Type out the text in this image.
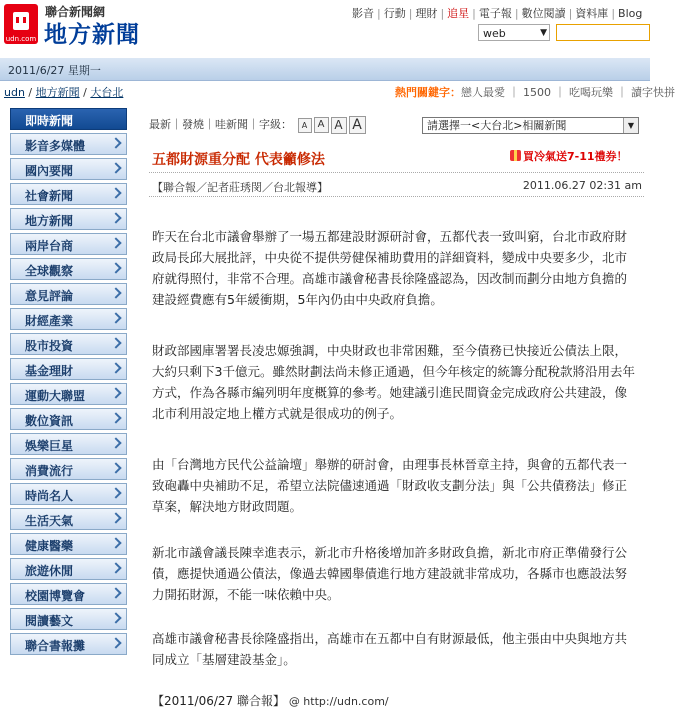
udn.com
聯合新聞網
地方新聞
影音 | 行動 | 理財 | 追星 | 電子報 | 數位閱讀 | 資料庫 | Blog
web	▼
2011/6/27 星期一
udn / 地方新聞 / 大台北	熱門關鍵字：戀人最愛 ｜ 1500 ｜ 吃喝玩樂 ｜ 讀字快拼
即時新聞
影音多媒體
國內要聞
社會新聞
地方新聞
兩岸台商
全球觀察
意見評論
財經產業
股市投資
基金理財
運動大聯盟
數位資訊
娛樂巨星
消費流行
時尚名人
生活天氣
健康醫藥
旅遊休閒
校園博覽會
閱讀藝文
聯合書報攤
最新｜發燒｜哇新聞｜字級： A A A A	請選擇一<大台北>相關新聞	▼
五都財源重分配 代表籲修法	買冷氣送7-11禮券！
【聯合報／記者莊琇閔／台北報導】	2011.06.27 02:31 am
昨天在台北市議會舉辦了一場五都建設財源研討會，五都代表一致叫窮，台北市政府財政局長邱大展批評，中央從不提供勞健保補助費用的詳細資料，變成中央要多少，北市府就得照付，非常不合理。高雄市議會秘書長徐隆盛認為，因改制而劃分由地方負擔的建設經費應有5年緩衝期，5年內仍由中央政府負擔。
財政部國庫署署長凌忠嫄強調，中央財政也非常困難，至今債務已快接近公債法上限，大約只剩下3千億元。雖然財劃法尚未修正通過，但今年核定的統籌分配稅款將沿用去年方式，作為各縣市編列明年度概算的參考。她建議引進民間資金完成政府公共建設，像北市利用設定地上權方式就是很成功的例子。
由「台灣地方民代公益論壇」舉辦的研討會，由理事長林晉章主持，與會的五都代表一致砲轟中央補助不足，希望立法院儘速通過「財政收支劃分法」與「公共債務法」修正草案，解決地方財政問題。
新北市議會議長陳幸進表示，新北市升格後增加許多財政負擔，新北市府正準備發行公債，應提快通過公債法，像過去韓國舉債進行地方建設就非常成功，各縣市也應設法努力開拓財源，不能一味依賴中央。
高雄市議會秘書長徐隆盛指出，高雄市在五都中自有財源最低，他主張由中央與地方共同成立「基層建設基金」。
【2011/06/27 聯合報】 @ http://udn.com/
